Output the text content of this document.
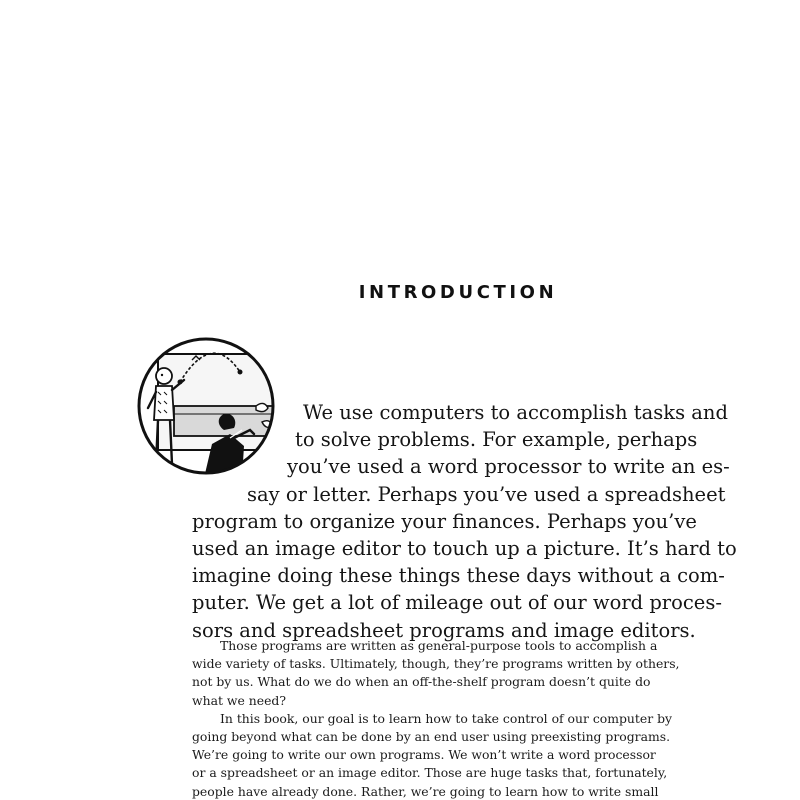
INTRODUCTION
We use computers to accomplish tasks and
to solve problems. For example, perhaps
you’ve used a word processor to write an es-
say or letter. Perhaps you’ve used a spreadsheet
program to organize your finances. Perhaps you’ve
used an image editor to touch up a picture. It’s hard to
imagine doing these things these days without a com-
puter. We get a lot of mileage out of our word proces-
sors and spreadsheet programs and image editors.
Those programs are written as general-purpose tools to accomplish a
wide variety of tasks. Ultimately, though, they’re programs written by others,
not by us. What do we do when an off-the-shelf program doesn’t quite do
what we need?
In this book, our goal is to learn how to take control of our computer by
going beyond what can be done by an end user using preexisting programs.
We’re going to write our own programs. We won’t write a word processor
or a spreadsheet or an image editor. Those are huge tasks that, fortunately,
people have already done. Rather, we’re going to learn how to write small
